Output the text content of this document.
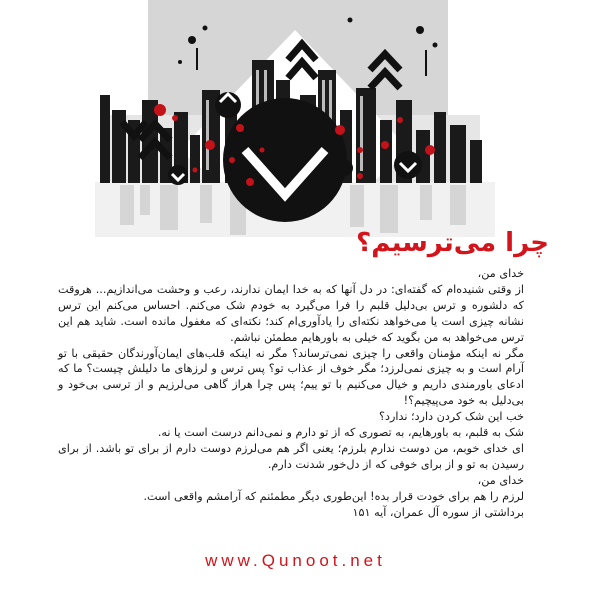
چرا می‌ترسیم؟

خدای من،

از وقتی شنیده‌ام که گفته‌ای: در دل آنها که به خدا ایمان ندارند، رعب و وحشت می‌اندازیم... هروقت که دلشوره و ترس بی‌دلیل قلبم را فرا می‌گیرد به خودم شک می‌کنم. احساس می‌کنم این ترس نشانه چیزی است یا می‌خواهد نکته‌ای را یادآوری‌ام کند؛ نکته‌ای که مغفول مانده است. شاید هم این ترس می‌خواهد به من بگوید که خیلی به باورهایم مطمئن نباشم.

مگر نه اینکه مؤمنان واقعی را چیزی نمی‌ترساند؟ مگر نه اینکه قلب‌های ایمان‌آورندگان حقیقی با تو آرام است و به چیزی نمی‌لرزد؛ مگر خوف از عذاب تو؟ پس ترس و لرزهای ما دلیلش چیست؟ ما که ادعای باورمندی داریم و خیال می‌کنیم با تو ییم؛ پس چرا هراز گاهی می‌لرزیم و از ترسی بی‌خود و بی‌دلیل به خود می‌پیچیم؟!

خب این شک کردن دارد؛ ندارد؟

شک به قلبم، به باورهایم، به تصوری که از تو دارم و نمی‌دانم درست است یا نه.

ای خدای خوبم، من دوست ندارم بلرزم؛ یعنی اگر هم می‌لرزم دوست دارم از برای تو باشد. از برای رسیدن به تو و از برای خوفی که از دل‌خور شدنت دارم.

خدای من،

لرزم را هم برای خودت قرار بده! این‌طوری دیگر مطمئنم که آرامشم واقعی است.

برداشتی از سوره آل عمران، آیه ۱۵۱

www.Qunoot.net
